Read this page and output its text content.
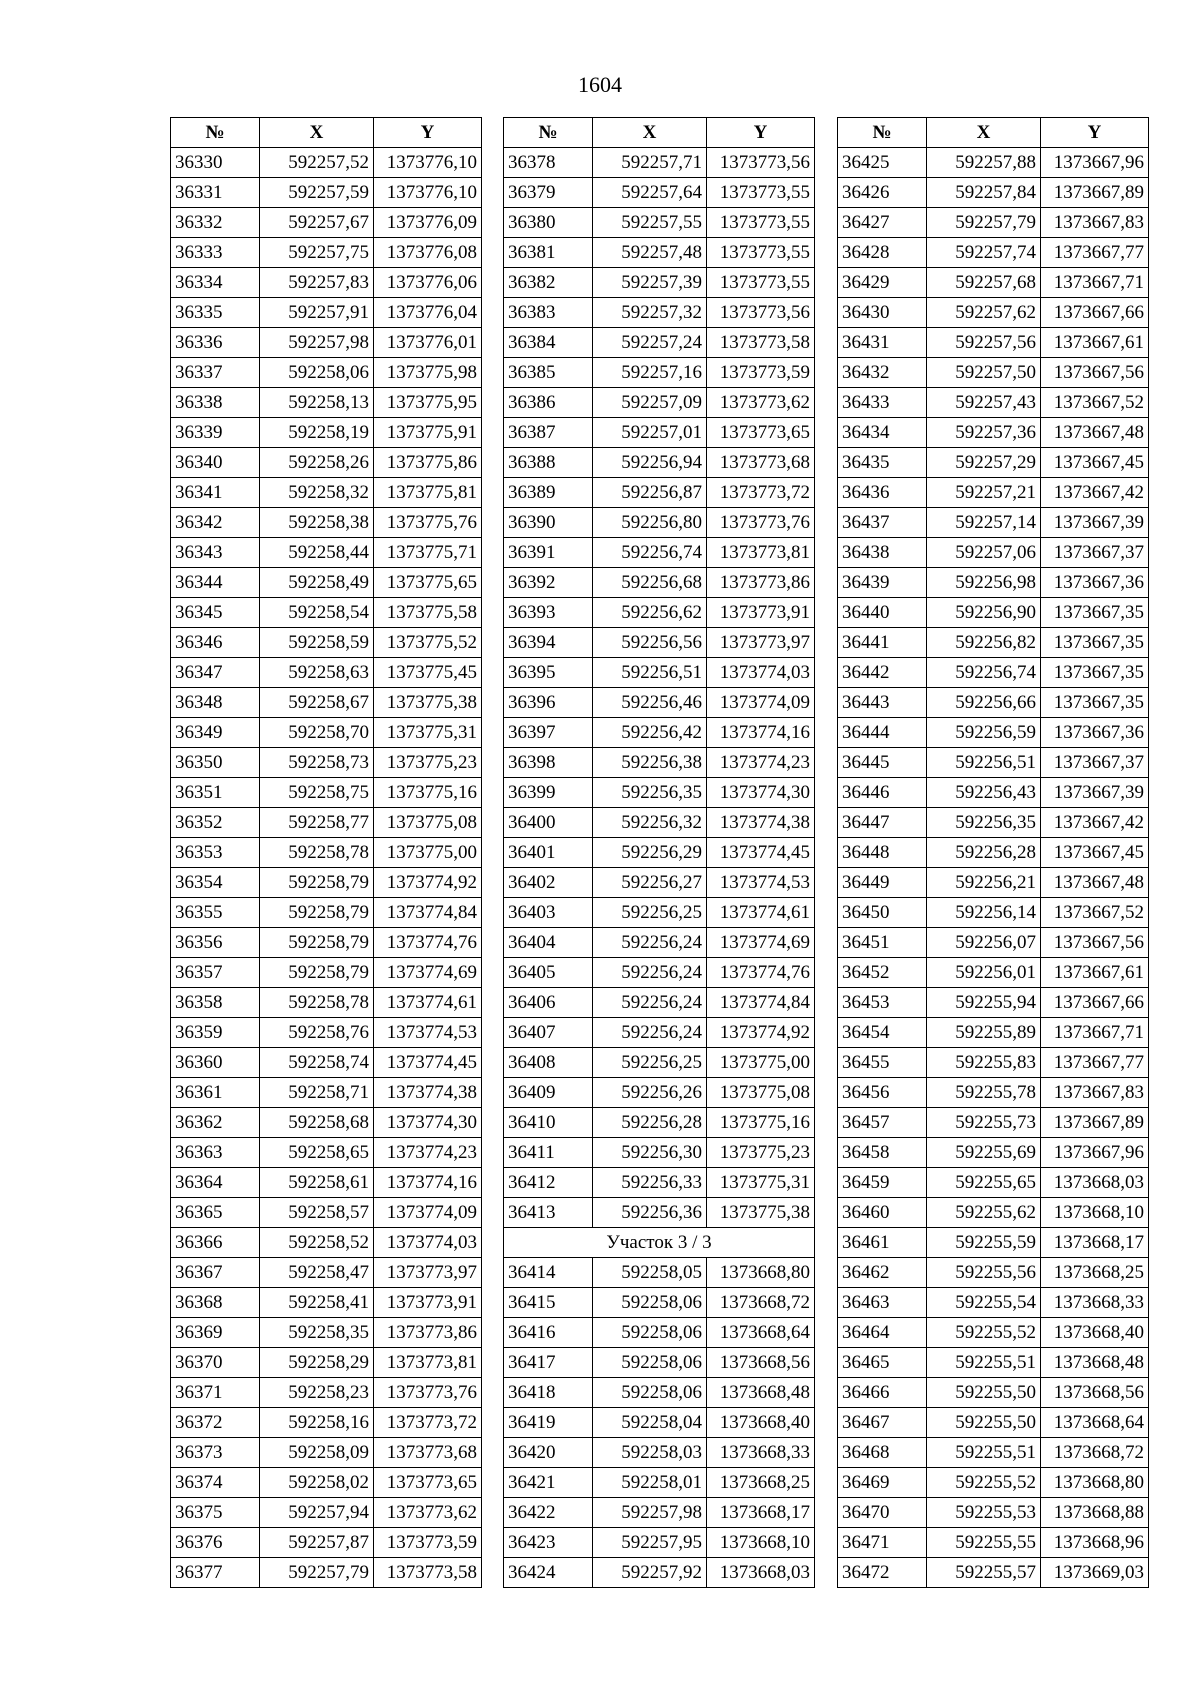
1604
№	X	Y
36330	592257,52	1373776,10
36331	592257,59	1373776,10
36332	592257,67	1373776,09
36333	592257,75	1373776,08
36334	592257,83	1373776,06
36335	592257,91	1373776,04
36336	592257,98	1373776,01
36337	592258,06	1373775,98
36338	592258,13	1373775,95
36339	592258,19	1373775,91
36340	592258,26	1373775,86
36341	592258,32	1373775,81
36342	592258,38	1373775,76
36343	592258,44	1373775,71
36344	592258,49	1373775,65
36345	592258,54	1373775,58
36346	592258,59	1373775,52
36347	592258,63	1373775,45
36348	592258,67	1373775,38
36349	592258,70	1373775,31
36350	592258,73	1373775,23
36351	592258,75	1373775,16
36352	592258,77	1373775,08
36353	592258,78	1373775,00
36354	592258,79	1373774,92
36355	592258,79	1373774,84
36356	592258,79	1373774,76
36357	592258,79	1373774,69
36358	592258,78	1373774,61
36359	592258,76	1373774,53
36360	592258,74	1373774,45
36361	592258,71	1373774,38
36362	592258,68	1373774,30
36363	592258,65	1373774,23
36364	592258,61	1373774,16
36365	592258,57	1373774,09
36366	592258,52	1373774,03
36367	592258,47	1373773,97
36368	592258,41	1373773,91
36369	592258,35	1373773,86
36370	592258,29	1373773,81
36371	592258,23	1373773,76
36372	592258,16	1373773,72
36373	592258,09	1373773,68
36374	592258,02	1373773,65
36375	592257,94	1373773,62
36376	592257,87	1373773,59
36377	592257,79	1373773,58
№	X	Y
36378	592257,71	1373773,56
36379	592257,64	1373773,55
36380	592257,55	1373773,55
36381	592257,48	1373773,55
36382	592257,39	1373773,55
36383	592257,32	1373773,56
36384	592257,24	1373773,58
36385	592257,16	1373773,59
36386	592257,09	1373773,62
36387	592257,01	1373773,65
36388	592256,94	1373773,68
36389	592256,87	1373773,72
36390	592256,80	1373773,76
36391	592256,74	1373773,81
36392	592256,68	1373773,86
36393	592256,62	1373773,91
36394	592256,56	1373773,97
36395	592256,51	1373774,03
36396	592256,46	1373774,09
36397	592256,42	1373774,16
36398	592256,38	1373774,23
36399	592256,35	1373774,30
36400	592256,32	1373774,38
36401	592256,29	1373774,45
36402	592256,27	1373774,53
36403	592256,25	1373774,61
36404	592256,24	1373774,69
36405	592256,24	1373774,76
36406	592256,24	1373774,84
36407	592256,24	1373774,92
36408	592256,25	1373775,00
36409	592256,26	1373775,08
36410	592256,28	1373775,16
36411	592256,30	1373775,23
36412	592256,33	1373775,31
36413	592256,36	1373775,38
Участок 3 / 3		
36414	592258,05	1373668,80
36415	592258,06	1373668,72
36416	592258,06	1373668,64
36417	592258,06	1373668,56
36418	592258,06	1373668,48
36419	592258,04	1373668,40
36420	592258,03	1373668,33
36421	592258,01	1373668,25
36422	592257,98	1373668,17
36423	592257,95	1373668,10
36424	592257,92	1373668,03
№	X	Y
36425	592257,88	1373667,96
36426	592257,84	1373667,89
36427	592257,79	1373667,83
36428	592257,74	1373667,77
36429	592257,68	1373667,71
36430	592257,62	1373667,66
36431	592257,56	1373667,61
36432	592257,50	1373667,56
36433	592257,43	1373667,52
36434	592257,36	1373667,48
36435	592257,29	1373667,45
36436	592257,21	1373667,42
36437	592257,14	1373667,39
36438	592257,06	1373667,37
36439	592256,98	1373667,36
36440	592256,90	1373667,35
36441	592256,82	1373667,35
36442	592256,74	1373667,35
36443	592256,66	1373667,35
36444	592256,59	1373667,36
36445	592256,51	1373667,37
36446	592256,43	1373667,39
36447	592256,35	1373667,42
36448	592256,28	1373667,45
36449	592256,21	1373667,48
36450	592256,14	1373667,52
36451	592256,07	1373667,56
36452	592256,01	1373667,61
36453	592255,94	1373667,66
36454	592255,89	1373667,71
36455	592255,83	1373667,77
36456	592255,78	1373667,83
36457	592255,73	1373667,89
36458	592255,69	1373667,96
36459	592255,65	1373668,03
36460	592255,62	1373668,10
36461	592255,59	1373668,17
36462	592255,56	1373668,25
36463	592255,54	1373668,33
36464	592255,52	1373668,40
36465	592255,51	1373668,48
36466	592255,50	1373668,56
36467	592255,50	1373668,64
36468	592255,51	1373668,72
36469	592255,52	1373668,80
36470	592255,53	1373668,88
36471	592255,55	1373668,96
36472	592255,57	1373669,03
